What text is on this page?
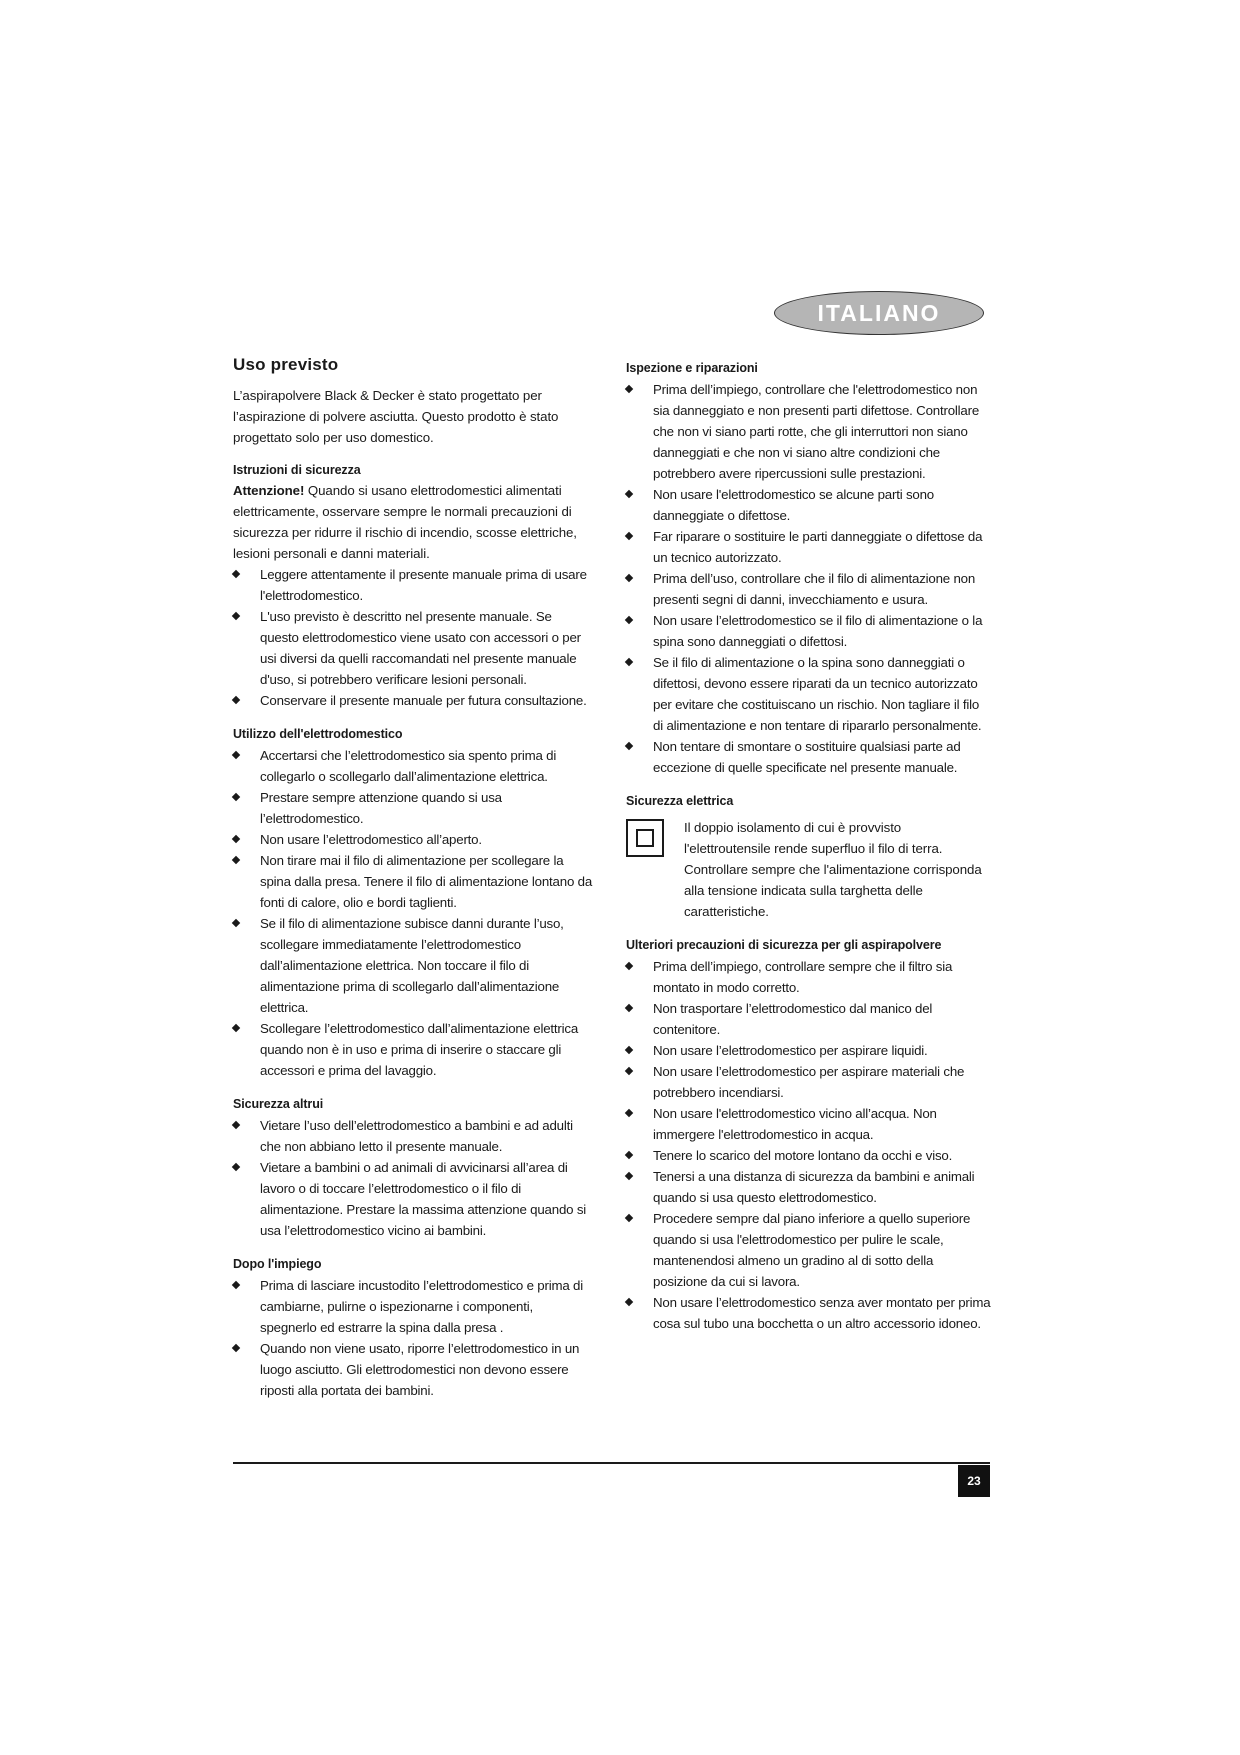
ITALIANO
Uso previsto

L’aspirapolvere Black & Decker è stato progettato per l’aspirazione di polvere asciutta. Questo prodotto è stato progettato solo per uso domestico.

Istruzioni di sicurezza
Attenzione! Quando si usano elettrodomestici alimentati elettricamente, osservare sempre le normali precauzioni di sicurezza per ridurre il rischio di incendio, scosse elettriche, lesioni personali e danni materiali.
Leggere attentamente il presente manuale prima di usare l'elettrodomestico.
L'uso previsto è descritto nel presente manuale. Se questo elettrodomestico viene usato con accessori o per usi diversi da quelli raccomandati nel presente manuale d'uso, si potrebbero verificare lesioni personali.
Conservare il presente manuale per futura consultazione.
Utilizzo dell'elettrodomestico
Accertarsi che l’elettrodomestico sia spento prima di collegarlo o scollegarlo dall’alimentazione elettrica.
Prestare sempre attenzione quando si usa l’elettrodomestico.
Non usare l’elettrodomestico all’aperto.
Non tirare mai il filo di alimentazione per scollegare la spina dalla presa. Tenere il filo di alimentazione lontano da fonti di calore, olio e bordi taglienti.
Se il filo di alimentazione subisce danni durante l’uso, scollegare immediatamente l’elettrodomestico dall’alimentazione elettrica. Non toccare il filo di alimentazione prima di scollegarlo dall’alimentazione elettrica.
Scollegare l’elettrodomestico dall’alimentazione elettrica quando non è in uso e prima di inserire o staccare gli accessori e prima del lavaggio.
Sicurezza altrui
Vietare l’uso dell’elettrodomestico a bambini e ad adulti che non abbiano letto il presente manuale.
Vietare a bambini o ad animali di avvicinarsi all’area di lavoro o di toccare l’elettrodomestico o il filo di alimentazione. Prestare la massima attenzione quando si usa l’elettrodomestico vicino ai bambini.
Dopo l'impiego
Prima di lasciare incustodito l’elettrodomestico e prima di cambiarne, pulirne o ispezionarne i componenti, spegnerlo ed estrarre la spina dalla presa .
Quando non viene usato, riporre l’elettrodomestico in un luogo asciutto. Gli elettrodomestici non devono essere riposti alla portata dei bambini.
Ispezione e riparazioni
Prima dell’impiego, controllare che l'elettrodomestico non sia danneggiato e non presenti parti difettose. Controllare che non vi siano parti rotte, che gli interruttori non siano danneggiati e che non vi siano altre condizioni che potrebbero avere ripercussioni sulle prestazioni.
Non usare l'elettrodomestico se alcune parti sono danneggiate o difettose.
Far riparare o sostituire le parti danneggiate o difettose da un tecnico autorizzato.
Prima dell’uso, controllare che il filo di alimentazione non presenti segni di danni, invecchiamento e usura.
Non usare l’elettrodomestico se il filo di alimentazione o la spina sono danneggiati o difettosi.
Se il filo di alimentazione o la spina sono danneggiati o difettosi, devono essere riparati da un tecnico autorizzato per evitare che costituiscano un rischio. Non tagliare il filo di alimentazione e non tentare di ripararlo personalmente.
Non tentare di smontare o sostituire qualsiasi parte ad eccezione di quelle specificate nel presente manuale.
Sicurezza elettrica
Il doppio isolamento di cui è provvisto l'elettroutensile rende superfluo il filo di terra. Controllare sempre che l'alimentazione corrisponda alla tensione indicata sulla targhetta delle caratteristiche.
Ulteriori precauzioni di sicurezza per gli aspirapolvere
Prima dell’impiego, controllare sempre che il filtro sia montato in modo corretto.
Non trasportare l’elettrodomestico dal manico del contenitore.
Non usare l’elettrodomestico per aspirare liquidi.
Non usare l’elettrodomestico per aspirare materiali che potrebbero incendiarsi.
Non usare l'elettrodomestico vicino all’acqua. Non immergere l'elettrodomestico in acqua.
Tenere lo scarico del motore lontano da occhi e viso.
Tenersi a una distanza di sicurezza da bambini e animali quando si usa questo elettrodomestico.
Procedere sempre dal piano inferiore a quello superiore quando si usa l'elettrodomestico per pulire le scale, mantenendosi almeno un gradino al di sotto della posizione da cui si lavora.
Non usare l’elettrodomestico senza aver montato per prima cosa sul tubo una bocchetta o un altro accessorio idoneo.
23
